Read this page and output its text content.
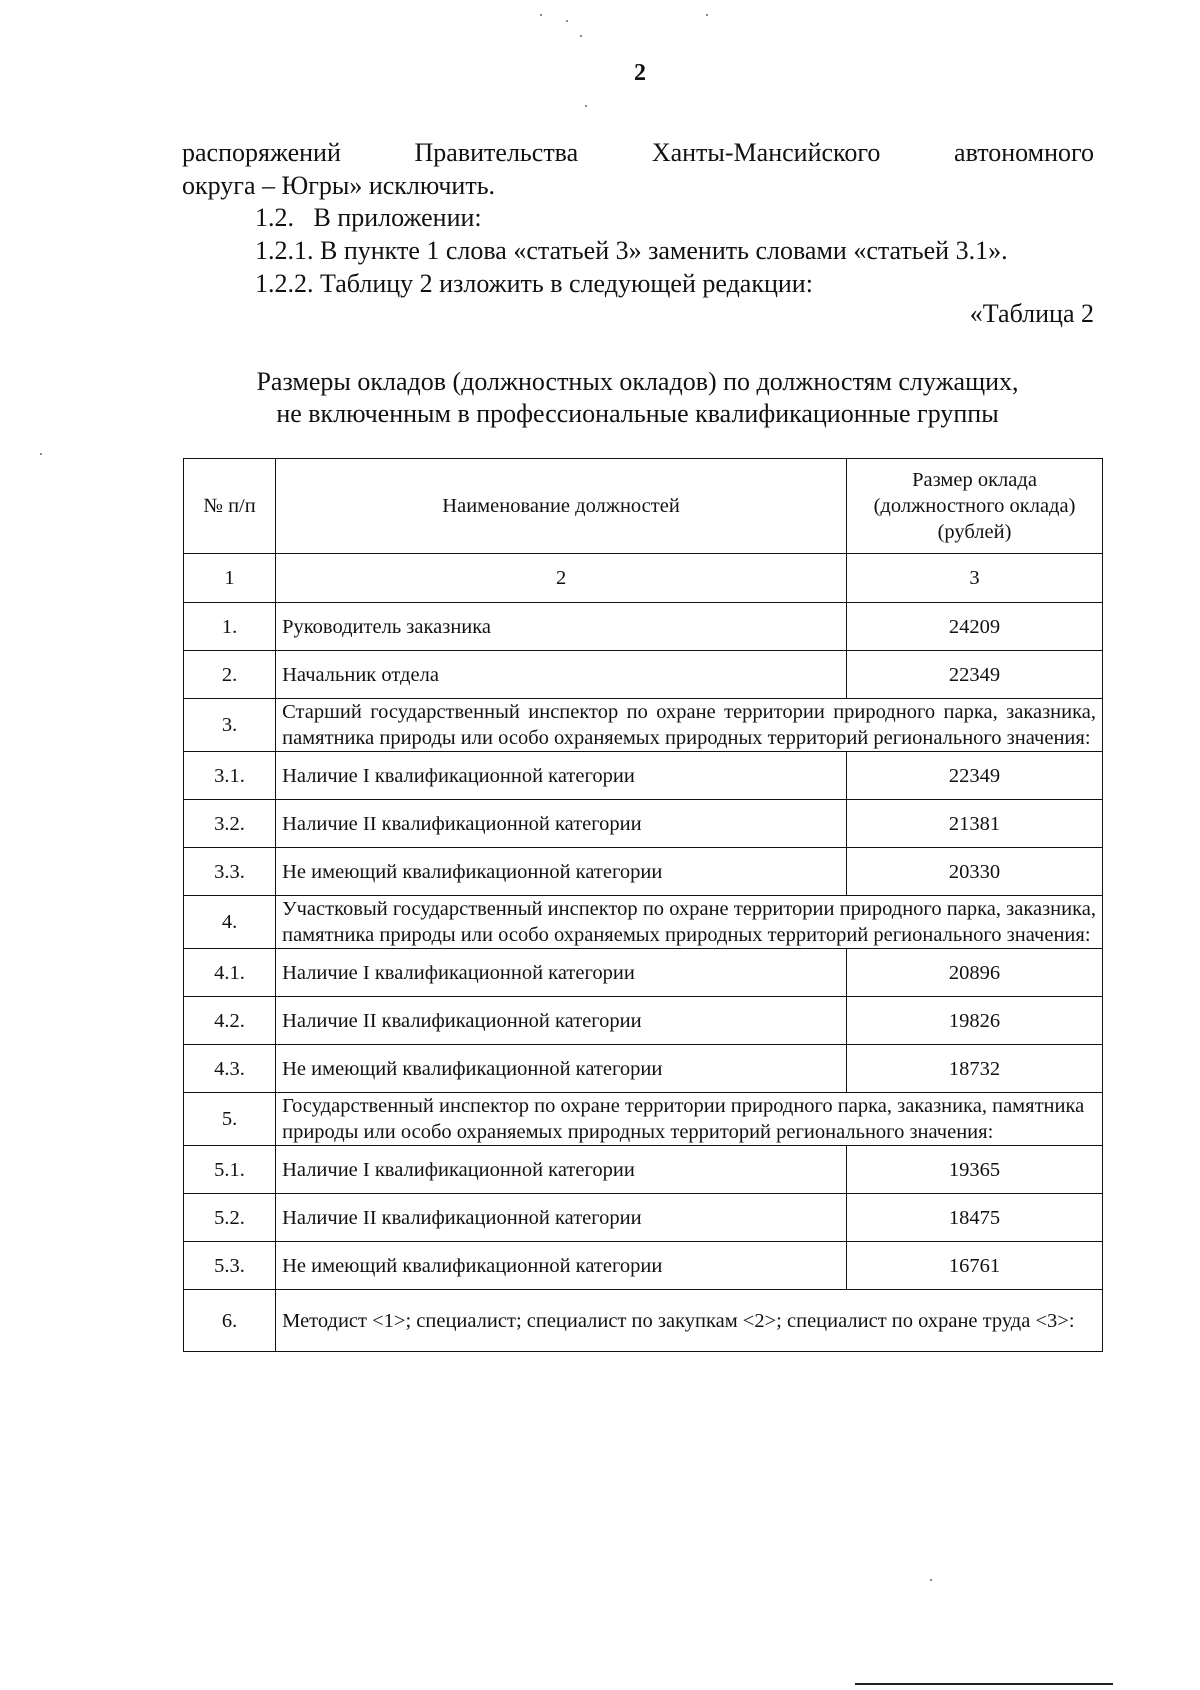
2
распоряжений	Правительства	Ханты-Мансийского	автономного
округа – Югры» исключить.
1.2.   В приложении:
1.2.1. В пункте 1 слова «статьей 3» заменить словами «статьей 3.1».
1.2.2. Таблицу 2 изложить в следующей редакции:
«Таблица 2
Размеры окладов (должностных окладов) по должностям служащих,
не включенным в профессиональные квалификационные группы
№ п/п	Наименование должностей	Размер оклада
(должностного оклада)
(рублей)

1	2	3
1.	Руководитель заказника	24209
2.	Начальник отдела	22349
3.	Старший государственный инспектор по охране территории природного парка, заказника, памятника природы или особо охраняемых природных территорий регионального значения:	
3.1.	Наличие I квалификационной категории	22349
3.2.	Наличие II квалификационной категории	21381
3.3.	Не имеющий квалификационной категории	20330
4.	Участковый государственный инспектор по охране территории природного парка, заказника, памятника природы или особо охраняемых природных территорий регионального значения:	
4.1.	Наличие I квалификационной категории	20896
4.2.	Наличие II квалификационной категории	19826
4.3.	Не имеющий квалификационной категории	18732
5.	Государственный инспектор по охране территории природного парка, заказника, памятника природы или особо охраняемых природных территорий регионального значения:	
5.1.	Наличие I квалификационной категории	19365
5.2.	Наличие II квалификационной категории	18475
5.3.	Не имеющий квалификационной категории	16761
6.	Методист <1>; специалист; специалист по закупкам <2>; специалист по охране труда <3>:	
